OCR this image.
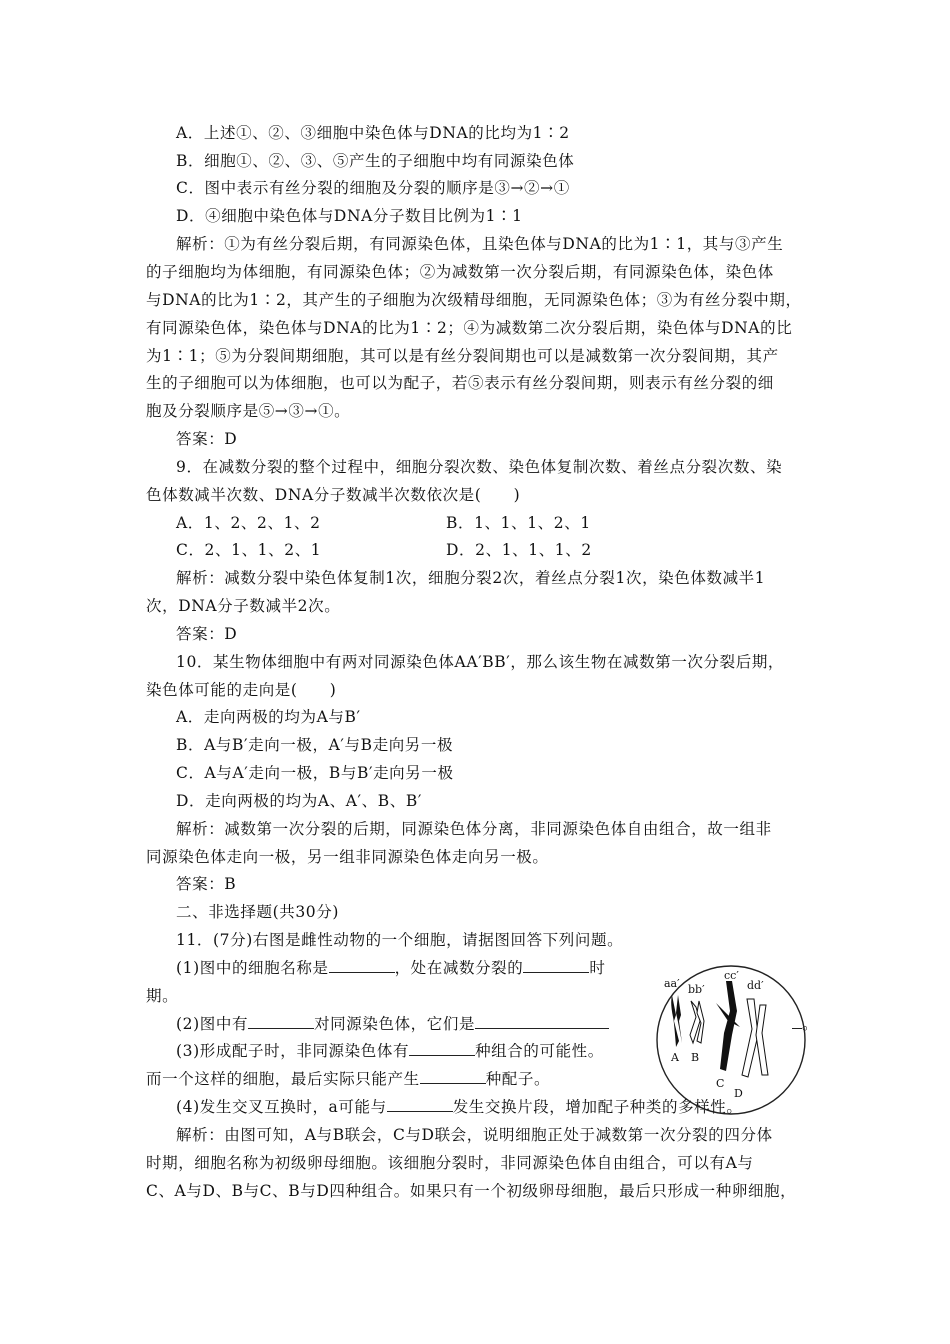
A．上述①、②、③细胞中染色体与DNA的比均为1∶2
B．细胞①、②、③、⑤产生的子细胞中均有同源染色体
C．图中表示有丝分裂的细胞及分裂的顺序是③→②→①
D．④细胞中染色体与DNA分子数目比例为1∶1
解析：①为有丝分裂后期，有同源染色体，且染色体与DNA的比为1∶1，其与③产生
的子细胞均为体细胞，有同源染色体；②为减数第一次分裂后期，有同源染色体，染色体
与DNA的比为1∶2，其产生的子细胞为次级精母细胞，无同源染色体；③为有丝分裂中期，
有同源染色体，染色体与DNA的比为1∶2；④为减数第二次分裂后期，染色体与DNA的比
为1∶1；⑤为分裂间期细胞，其可以是有丝分裂间期也可以是减数第一次分裂间期，其产
生的子细胞可以为体细胞，也可以为配子，若⑤表示有丝分裂间期，则表示有丝分裂的细
胞及分裂顺序是⑤→③→①。
答案：D
9．在减数分裂的整个过程中，细胞分裂次数、染色体复制次数、着丝点分裂次数、染
色体数减半次数、DNA分子数减半次数依次是(　　)
A．1、2、2、1、2	B．1、1、1、2、1
C．2、1、1、2、1	D．2、1、1、1、2
解析：减数分裂中染色体复制1次，细胞分裂2次，着丝点分裂1次，染色体数减半1
次，DNA分子数减半2次。
答案：D
10．某生物体细胞中有两对同源染色体AA′BB′，那么该生物在减数第一次分裂后期，
染色体可能的走向是(　　)
A．走向两极的均为A与B′
B．A与B′走向一极，A′与B走向另一极
C．A与A′走向一极，B与B′走向另一极
D．走向两极的均为A、A′、B、B′
解析：减数第一次分裂的后期，同源染色体分离，非同源染色体自由组合，故一组非
同源染色体走向一极，另一组非同源染色体走向另一极。
答案：B
二、非选择题(共30分)
11．(7分)右图是雌性动物的一个细胞，请据图回答下列问题。
(1)图中的细胞名称是	，处在减数分裂的	时
期。
(2)图中有	对同源染色体，它们是	。
(3)形成配子时，非同源染色体有	种组合的可能性。
而一个这样的细胞，最后实际只能产生	种配子。
(4)发生交叉互换时，a可能与	发生交换片段，增加配子种类的多样性。
解析：由图可知，A与B联会，C与D联会，说明细胞正处于减数第一次分裂的四分体
时期，细胞名称为初级卵母细胞。该细胞分裂时，非同源染色体自由组合，可以有A与
C、A与D、B与C、B与D四种组合。如果只有一个初级卵母细胞，最后只形成一种卵细胞，
aa′ bb′
cc′
dd′
A B
C
D
